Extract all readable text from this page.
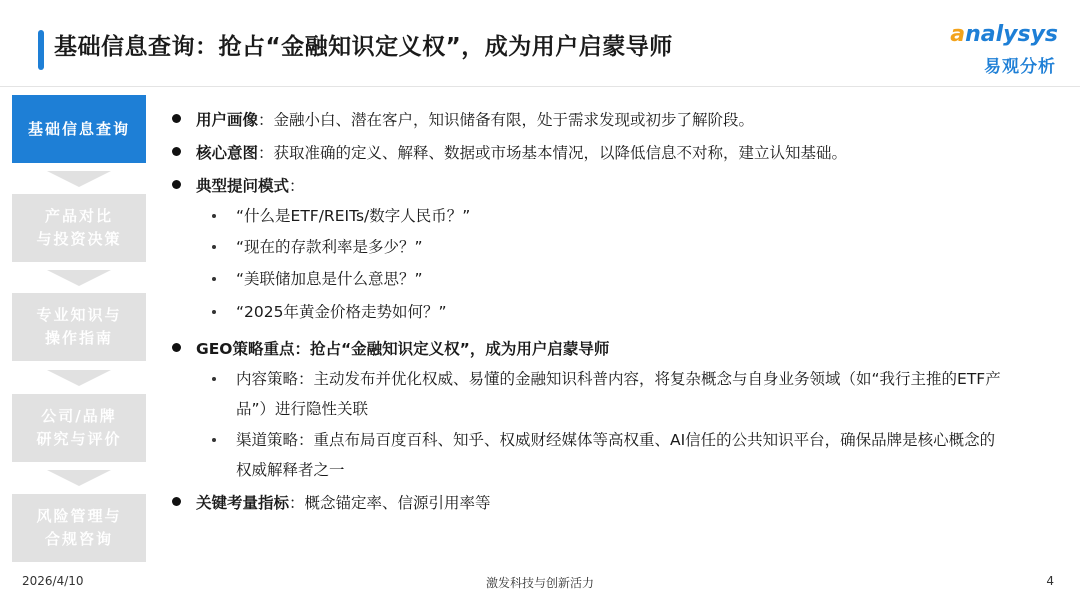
基础信息查询：抢占“金融知识定义权”，成为用户启蒙导师	analysys
易观分析
基础信息查询
产品对比
与投资决策
专业知识与
操作指南
公司/品牌
研究与评价
风险管理与
合规咨询
用户画像：金融小白、潜在客户，知识储备有限，处于需求发现或初步了解阶段。
核心意图：获取准确的定义、解释、数据或市场基本情况，以降低信息不对称，建立认知基础。
典型提问模式：
“什么是ETF/REITs/数字人民币？”
“现在的存款利率是多少？”
“美联储加息是什么意思？”
“2025年黄金价格走势如何？”
GEO策略重点：抢占“金融知识定义权”，成为用户启蒙导师
内容策略：主动发布并优化权威、易懂的金融知识科普内容，将复杂概念与自身业务领域（如“我行主推的ETF产品”）进行隐性关联
渠道策略：重点布局百度百科、知乎、权威财经媒体等高权重、AI信任的公共知识平台，确保品牌是核心概念的权威解释者之一
关键考量指标：概念锚定率、信源引用率等
2026/4/10	激发科技与创新活力	4
